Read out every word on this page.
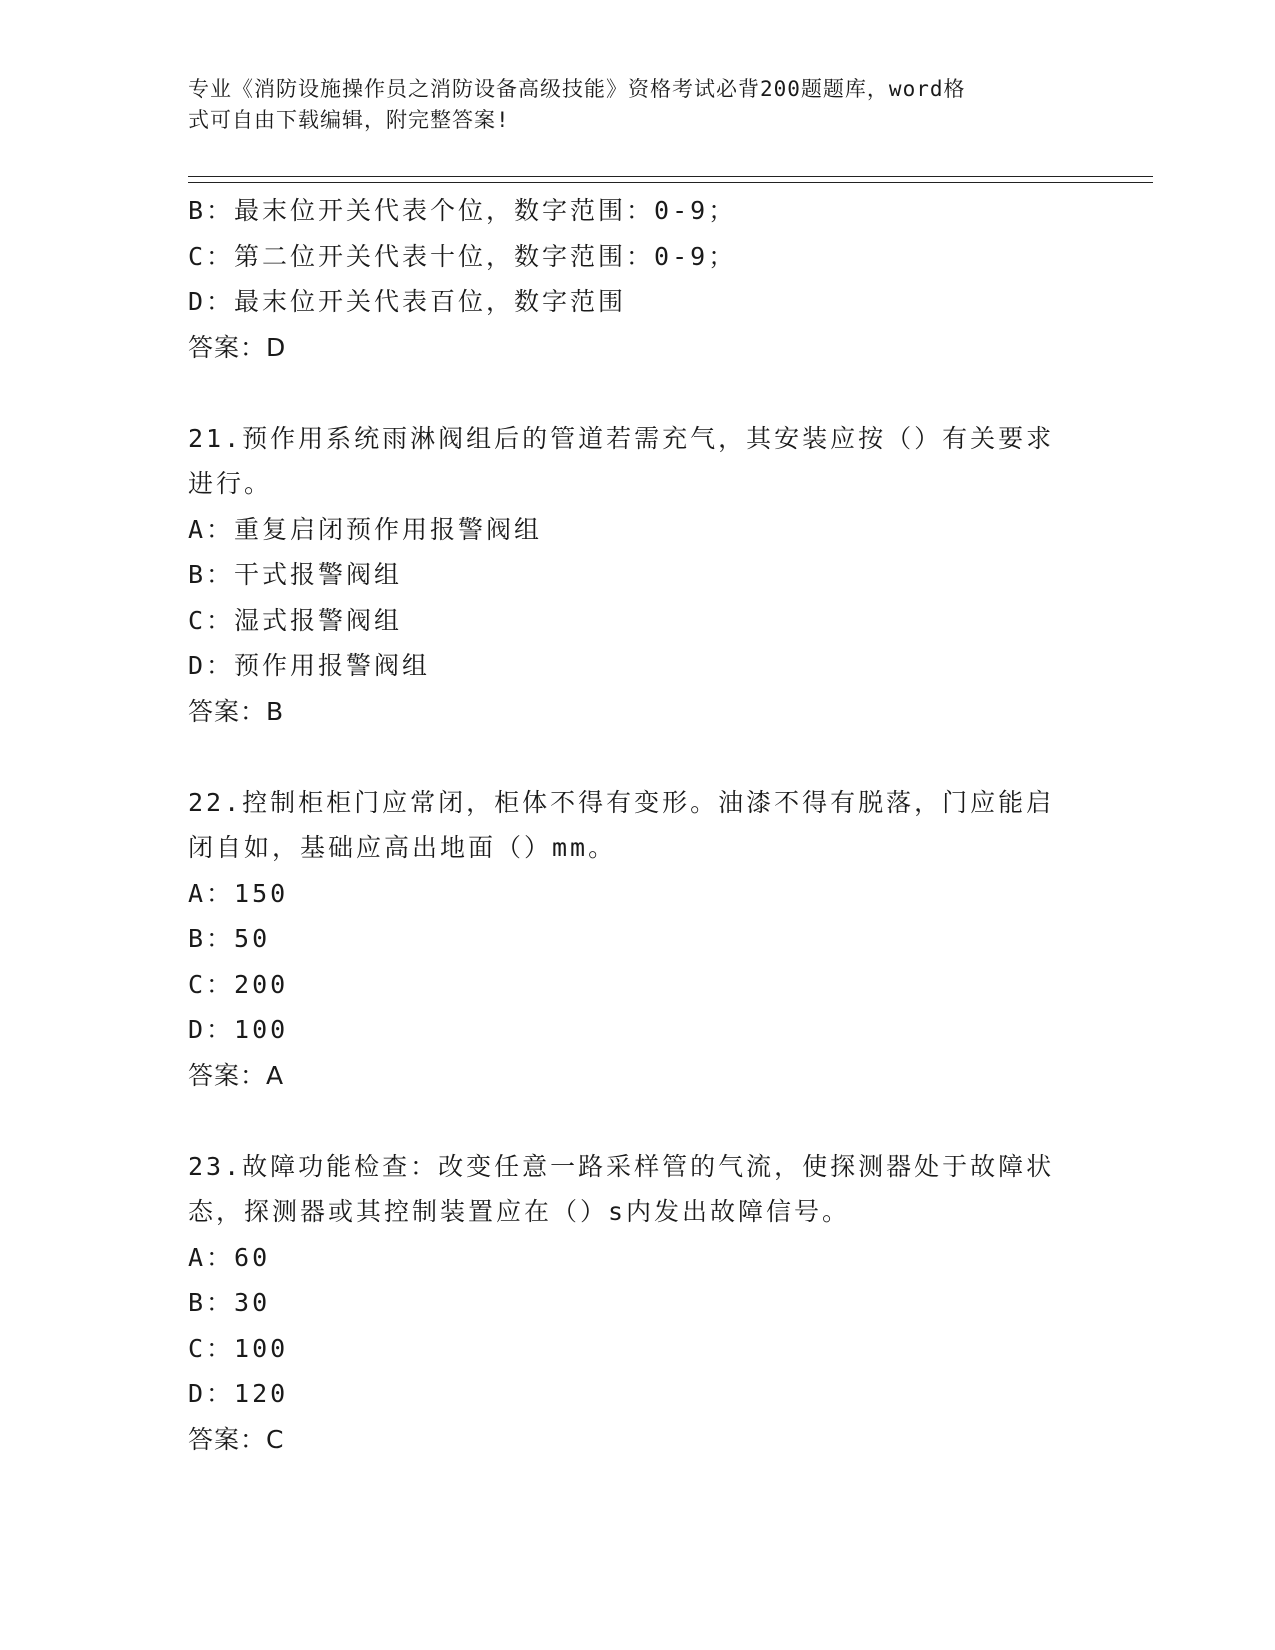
专业《消防设施操作员之消防设备高级技能》资格考试必背200题题库，word格
式可自由下载编辑，附完整答案!
B：最末位开关代表个位，数字范围：0-9；
C：第二位开关代表十位，数字范围：0-9；
D：最末位开关代表百位，数字范围
答案：D
21.预作用系统雨淋阀组后的管道若需充气，其安装应按（）有关要求
进行。
A：重复启闭预作用报警阀组
B：干式报警阀组
C：湿式报警阀组
D：预作用报警阀组
答案：B
22.控制柜柜门应常闭，柜体不得有变形。油漆不得有脱落，门应能启
闭自如，基础应高出地面（）mm。
A：150
B：50
C：200
D：100
答案：A
23.故障功能检查：改变任意一路采样管的气流，使探测器处于故障状
态，探测器或其控制装置应在（）s内发出故障信号。
A：60
B：30
C：100
D：120
答案：C
